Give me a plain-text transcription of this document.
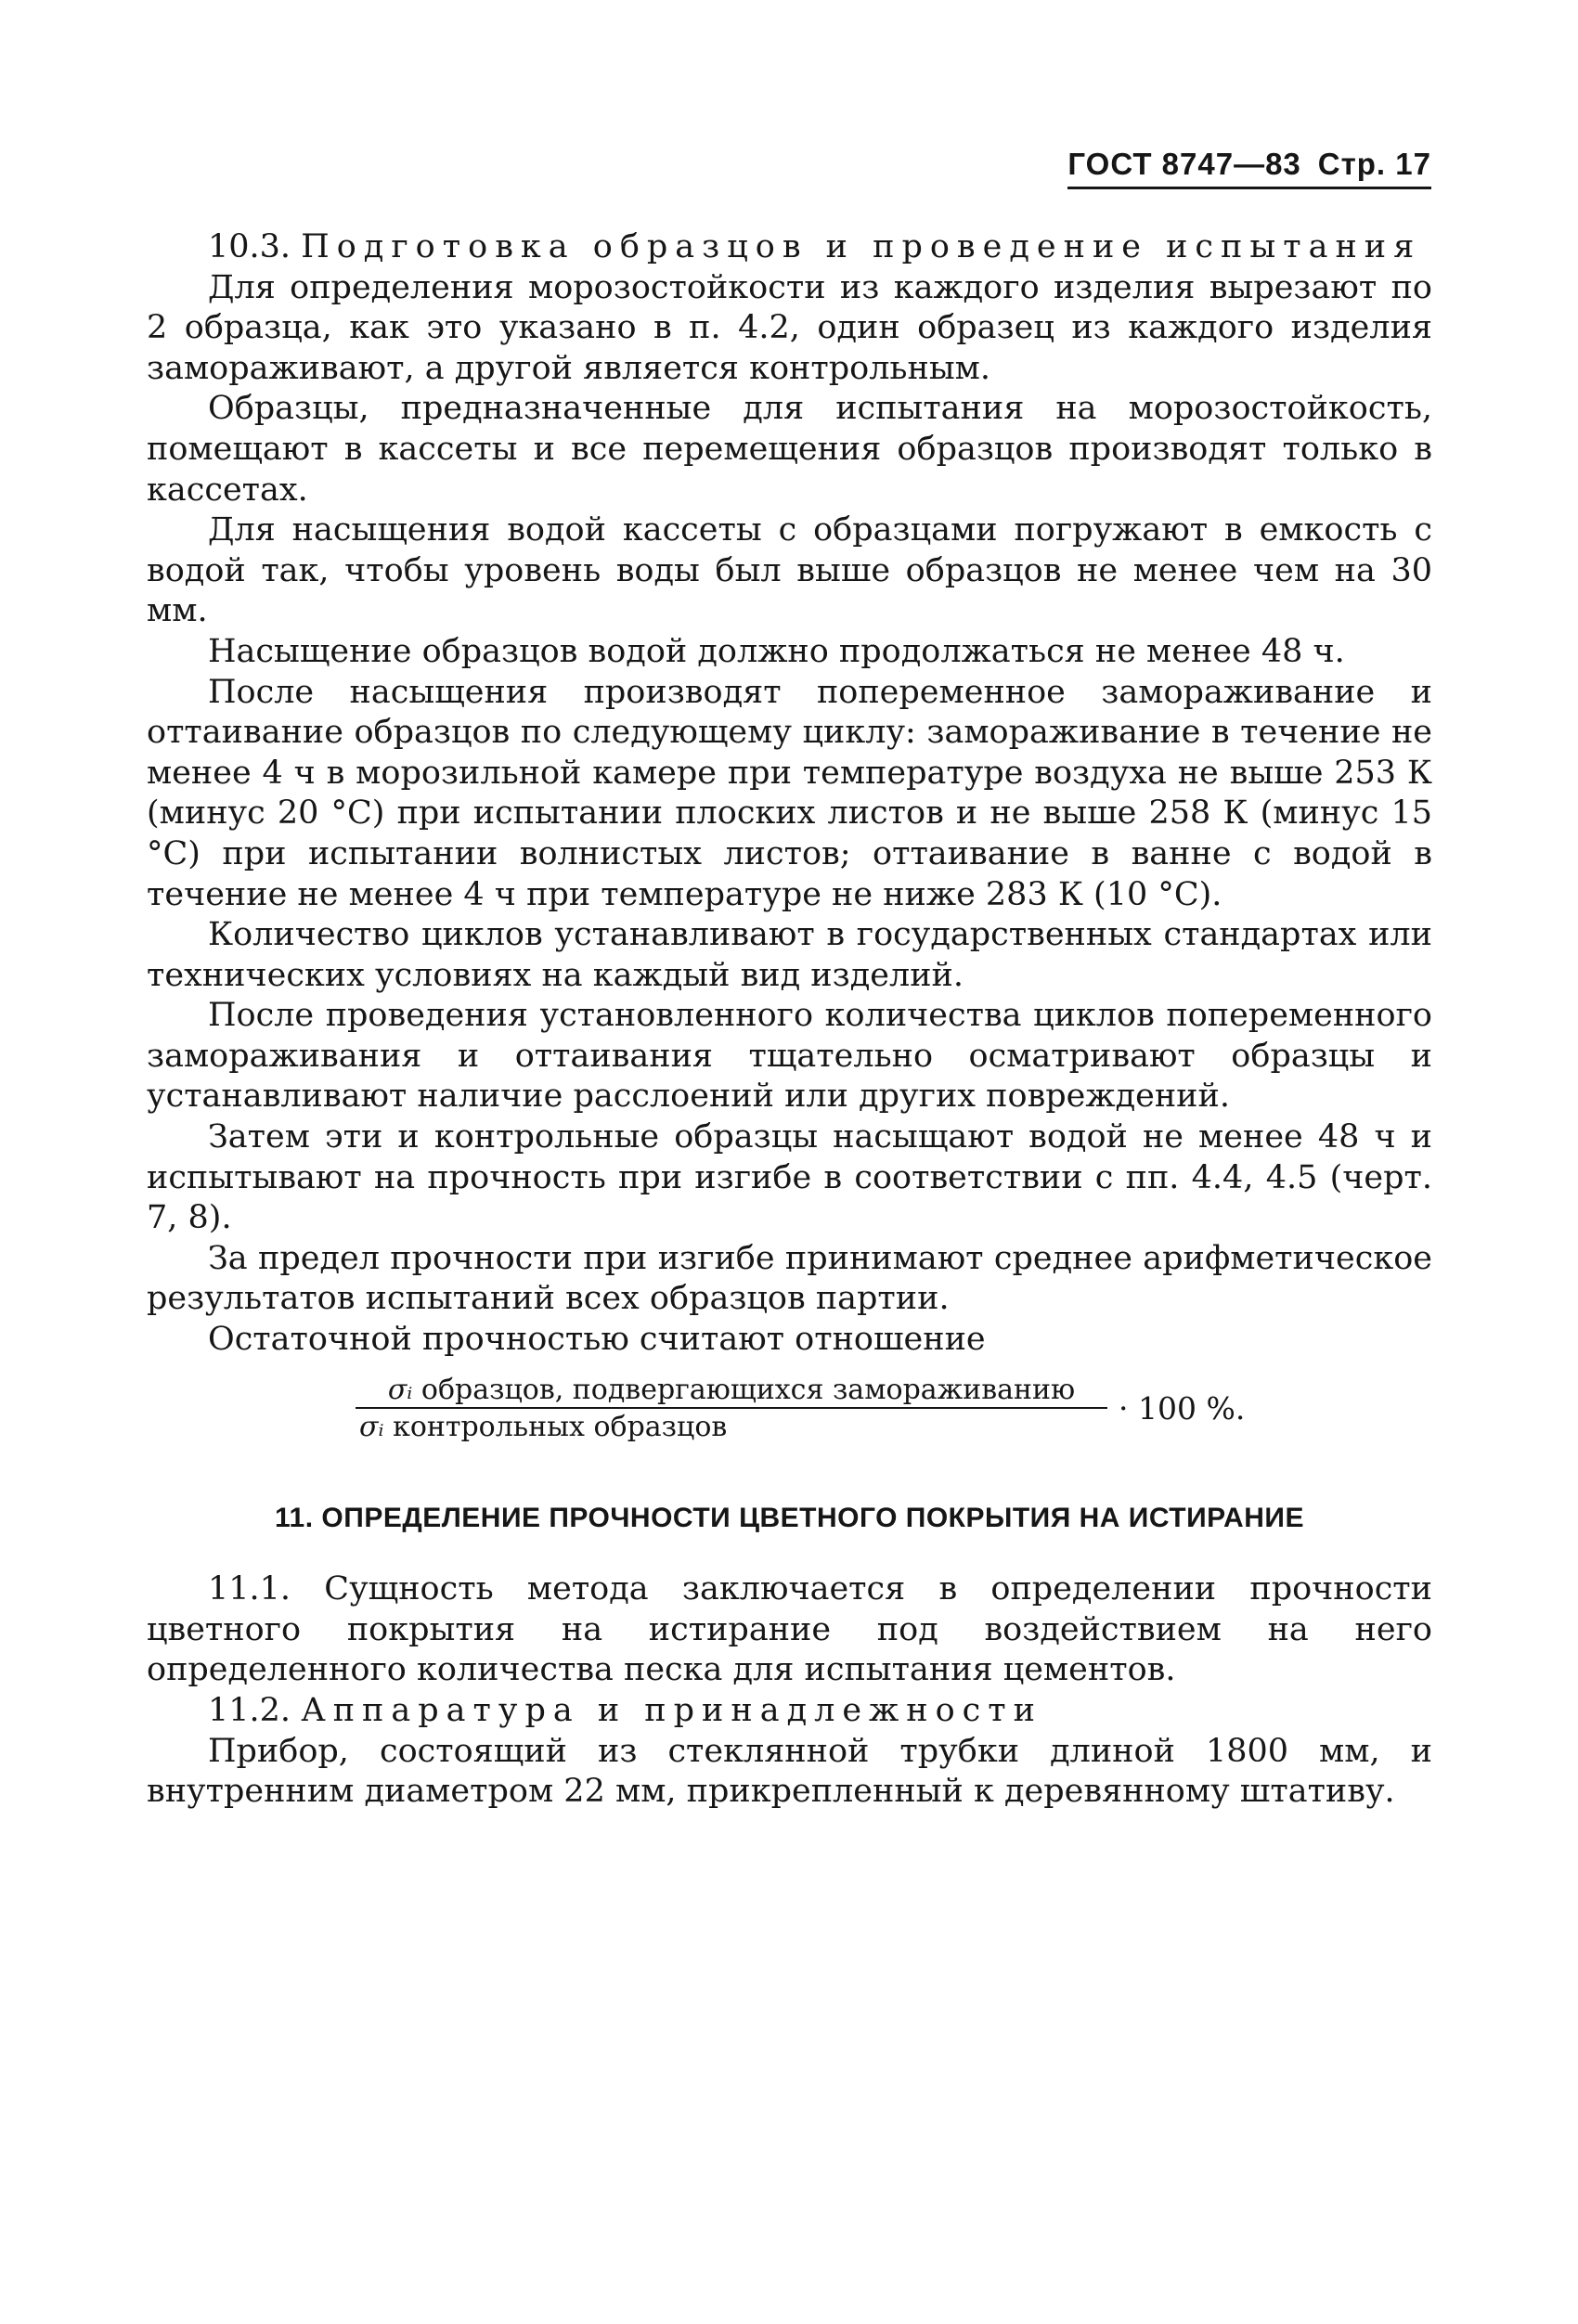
ГОСТ 8747—83 Стр. 17

10.3. Подготовка образцов и проведение испытания

Для определения морозостойкости из каждого изделия вырезают по 2 образца, как это указано в п. 4.2, один образец из каждого изделия замораживают, а другой является контрольным.

Образцы, предназначенные для испытания на морозостойкость, помещают в кассеты и все перемещения образцов производят только в кассетах.

Для насыщения водой кассеты с образцами погружают в емкость с водой так, чтобы уровень воды был выше образцов не менее чем на 30 мм.

Насыщение образцов водой должно продолжаться не менее 48 ч.

После насыщения производят попеременное замораживание и оттаивание образцов по следующему циклу: замораживание в течение не менее 4 ч в морозильной камере при температуре воздуха не выше 253 К (минус 20 °С) при испытании плоских листов и не выше 258 К (минус 15 °С) при испытании волнистых листов; оттаивание в ванне с водой в течение не менее 4 ч при температуре не ниже 283 К (10 °С).

Количество циклов устанавливают в государственных стандартах или технических условиях на каждый вид изделий.

После проведения установленного количества циклов попеременного замораживания и оттаивания тщательно осматривают образцы и устанавливают наличие расслоений или других повреждений.

Затем эти и контрольные образцы насыщают водой не менее 48 ч и испытывают на прочность при изгибе в соответствии с пп. 4.4, 4.5 (черт. 7, 8).

За предел прочности при изгибе принимают среднее арифметическое результатов испытаний всех образцов партии.

Остаточной прочностью считают отношение

$\frac{\text{σᵢ образцов, подвергающихся замораживанию}}{\text{σᵢ контрольных образцов}} \cdot 100$ %.
11. ОПРЕДЕЛЕНИЕ ПРОЧНОСТИ ЦВЕТНОГО ПОКРЫТИЯ НА ИСТИРАНИЕ

11.1. Сущность метода заключается в определении прочности цветного покрытия на истирание под воздействием на него определенного количества песка для испытания цементов.

11.2. Аппаратура и принадлежности

Прибор, состоящий из стеклянной трубки длиной 1800 мм, и внутренним диаметром 22 мм, прикрепленный к деревянному штативу.
